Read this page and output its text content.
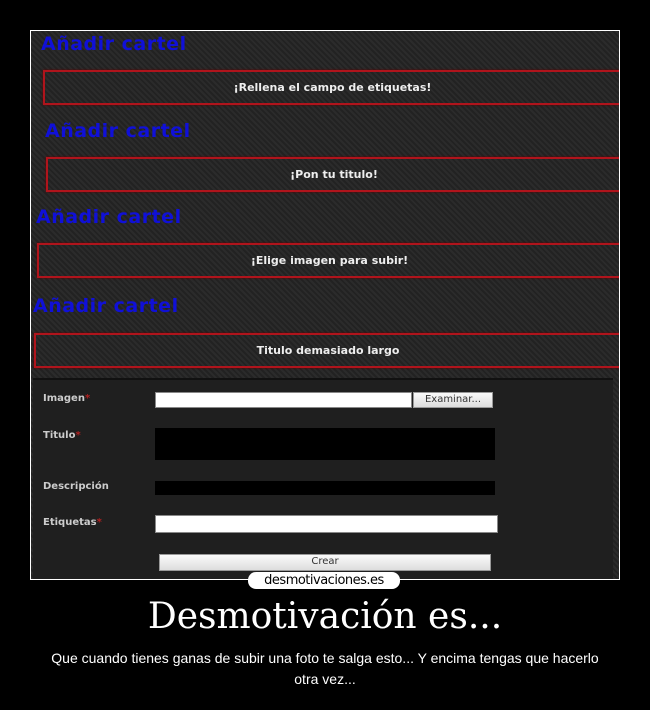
Añadir cartel
¡Rellena el campo de etiquetas!
Añadir cartel
¡Pon tu titulo!
Añadir cartel
¡Elige imagen para subir!
Añadir cartel
Titulo demasiado largo
Imagen*	Examinar...
Titulo*
Descripción
Etiquetas*
Crear
desmotivaciones.es
Desmotivación es...
Que cuando tienes ganas de subir una foto te salga esto... Y encima tengas que hacerlo otra vez...
